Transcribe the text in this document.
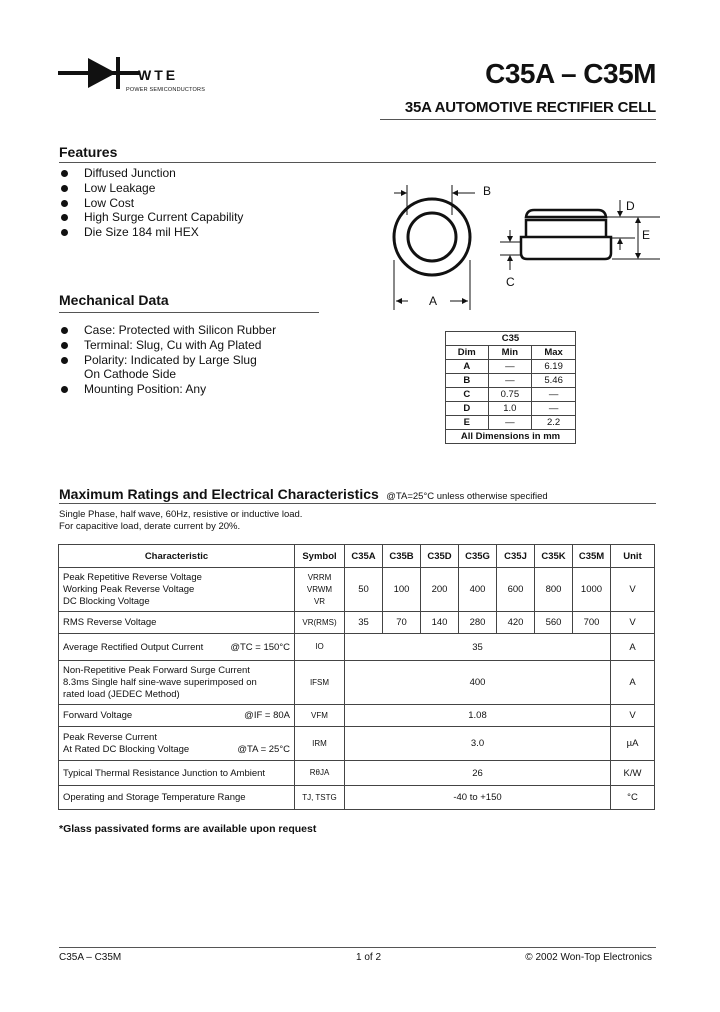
WTE
POWER SEMICONDUCTORS
C35A – C35M
35A AUTOMOTIVE RECTIFIER CELL
Features
Diffused Junction
Low Leakage
Low Cost
High Surge Current Capability
Die Size 184 mil HEX
Mechanical Data
Case: Protected with Silicon Rubber
Terminal: Slug, Cu with Ag Plated
Polarity: Indicated by Large Slug
On Cathode Side
Mounting Position: Any
B
D
E
C
A
C35		
Dim	Min	Max
A	—	6.19
B	—	5.46
C	0.75	—
D	1.0	—
E	—	2.2
All Dimensions in mm		
Maximum Ratings and Electrical Characteristics @TA=25°C unless otherwise specified
Single Phase, half wave, 60Hz, resistive or inductive load.
For capacitive load, derate current by 20%.
Characteristic	Symbol	C35A	C35B	C35D	C35G	C35J	C35K	C35M	Unit

Peak Repetitive Reverse Voltage
Working Peak Reverse Voltage
DC Blocking Voltage	VRRM
VRWM
VR	50	100	200	400	600	800	1000	V
RMS Reverse Voltage	VR(RMS)	35	70	140	280	420	560	700	V
Average Rectified Output Current @TC = 150°C	IO	35							A

Non-Repetitive Peak Forward Surge Current
8.3ms Single half sine-wave superimposed on
rated load (JEDEC Method)	IFSM	400							A
Forward Voltage @IF = 80A	VFM	1.08							V

Peak Reverse Current
At Rated DC Blocking Voltage @TA = 25°C	IRM	3.0							µA
Typical Thermal Resistance Junction to Ambient	RθJA	26							K/W
Operating and Storage Temperature Range	TJ, TSTG	-40 to +150							°C
*Glass passivated forms are available upon request
C35A – C35M	1 of 2	© 2002 Won-Top Electronics
